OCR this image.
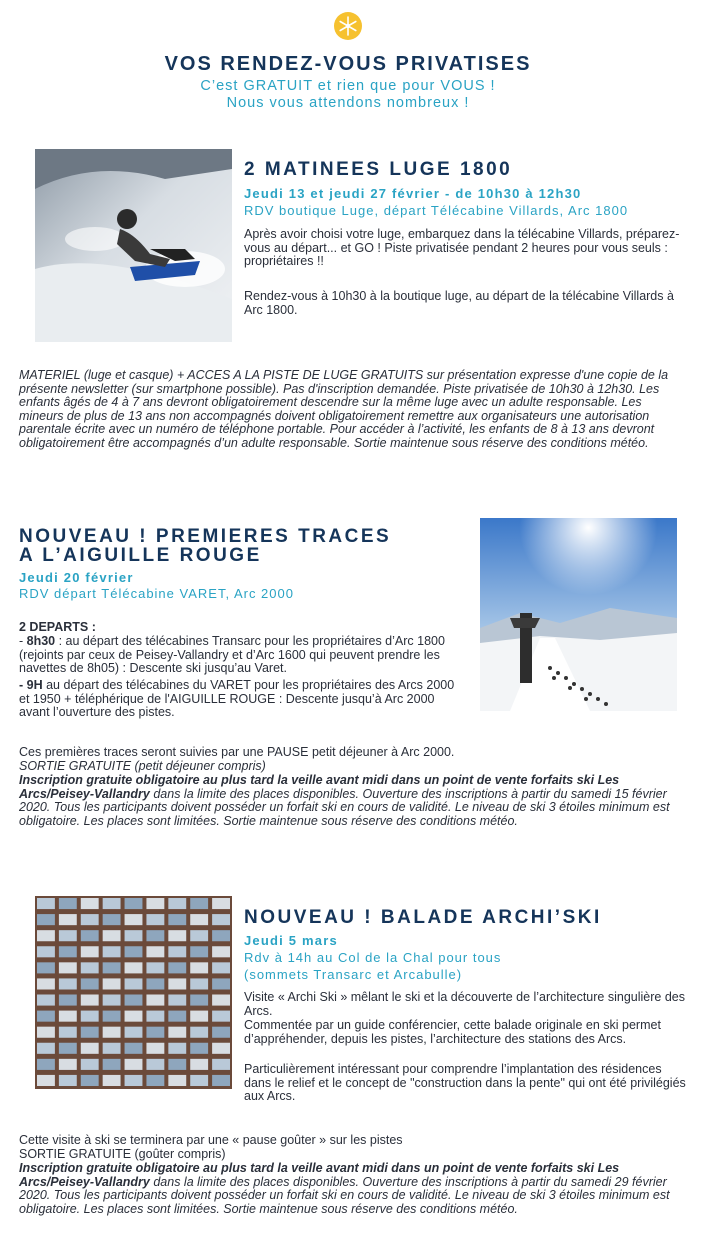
VOS RENDEZ-VOUS PRIVATISES
C’est GRATUIT et rien que pour VOUS !
Nous vous attendons nombreux !
2 MATINEES LUGE 1800
Jeudi 13 et jeudi 27 février - de 10h30 à 12h30
RDV boutique Luge, départ Télécabine Villards, Arc 1800
Après avoir choisi votre luge, embarquez dans la télécabine Villards, préparez-vous au départ... et GO ! Piste privatisée pendant 2 heures pour vous seuls : propriétaires !!
Rendez-vous à 10h30 à la boutique luge, au départ de la télécabine Villards à Arc 1800.
MATERIEL (luge et casque) + ACCES A LA PISTE DE LUGE GRATUITS sur présentation expresse d'une copie de la présente newsletter (sur smartphone possible). Pas d'inscription demandée. Piste privatisée de 10h30 à 12h30. Les enfants âgés de 4 à 7 ans devront obligatoirement descendre sur la même luge avec un adulte responsable. Les mineurs de plus de 13 ans non accompagnés doivent obligatoirement remettre aux organisateurs une autorisation parentale écrite avec un numéro de téléphone portable. Pour accéder à l’activité, les enfants de 8 à 13 ans devront obligatoirement être accompagnés d’un adulte responsable. Sortie maintenue sous réserve des conditions météo.
NOUVEAU ! PREMIERES TRACES
A L’AIGUILLE ROUGE
Jeudi 20 février
RDV départ Télécabine VARET, Arc 2000
2 DEPARTS :
- 8h30 : au départ des télécabines Transarc pour les propriétaires d’Arc 1800 (rejoints par ceux de Peisey-Vallandry et d’Arc 1600 qui peuvent prendre les navettes de 8h05) : Descente ski jusqu’au Varet.
- 9H au départ des télécabines du VARET pour les propriétaires des Arcs 2000 et 1950 + téléphérique de l'AIGUILLE ROUGE : Descente jusqu’à Arc 2000 avant l’ouverture des pistes.
Ces premières traces seront suivies par une PAUSE petit déjeuner à Arc 2000.
SORTIE GRATUITE (petit déjeuner compris)
Inscription gratuite obligatoire au plus tard la veille avant midi dans un point de vente forfaits ski Les Arcs/Peisey-Vallandry dans la limite des places disponibles. Ouverture des inscriptions à partir du samedi 15 février 2020. Tous les participants doivent posséder un forfait ski en cours de validité. Le niveau de ski 3 étoiles minimum est obligatoire. Les places sont limitées. Sortie maintenue sous réserve des conditions météo.
NOUVEAU ! BALADE ARCHI’SKI
Jeudi 5 mars
Rdv à 14h au Col de la Chal pour tous
(sommets Transarc et Arcabulle)
Visite « Archi Ski » mêlant le ski et la découverte de l’architecture singulière des Arcs.
Commentée par un guide conférencier, cette balade originale en ski permet d’appréhender, depuis les pistes, l’architecture des stations des Arcs.
Particulièrement intéressant pour comprendre l’implantation des résidences dans le relief et le concept de "construction dans la pente" qui ont été privilégiés aux Arcs.
Cette visite à ski se terminera par une « pause goûter » sur les pistes
SORTIE GRATUITE (goûter compris)
Inscription gratuite obligatoire au plus tard la veille avant midi dans un point de vente forfaits ski Les Arcs/Peisey-Vallandry dans la limite des places disponibles. Ouverture des inscriptions à partir du samedi 29 février 2020. Tous les participants doivent posséder un forfait ski en cours de validité. Le niveau de ski 3 étoiles minimum est obligatoire. Les places sont limitées. Sortie maintenue sous réserve des conditions météo.
